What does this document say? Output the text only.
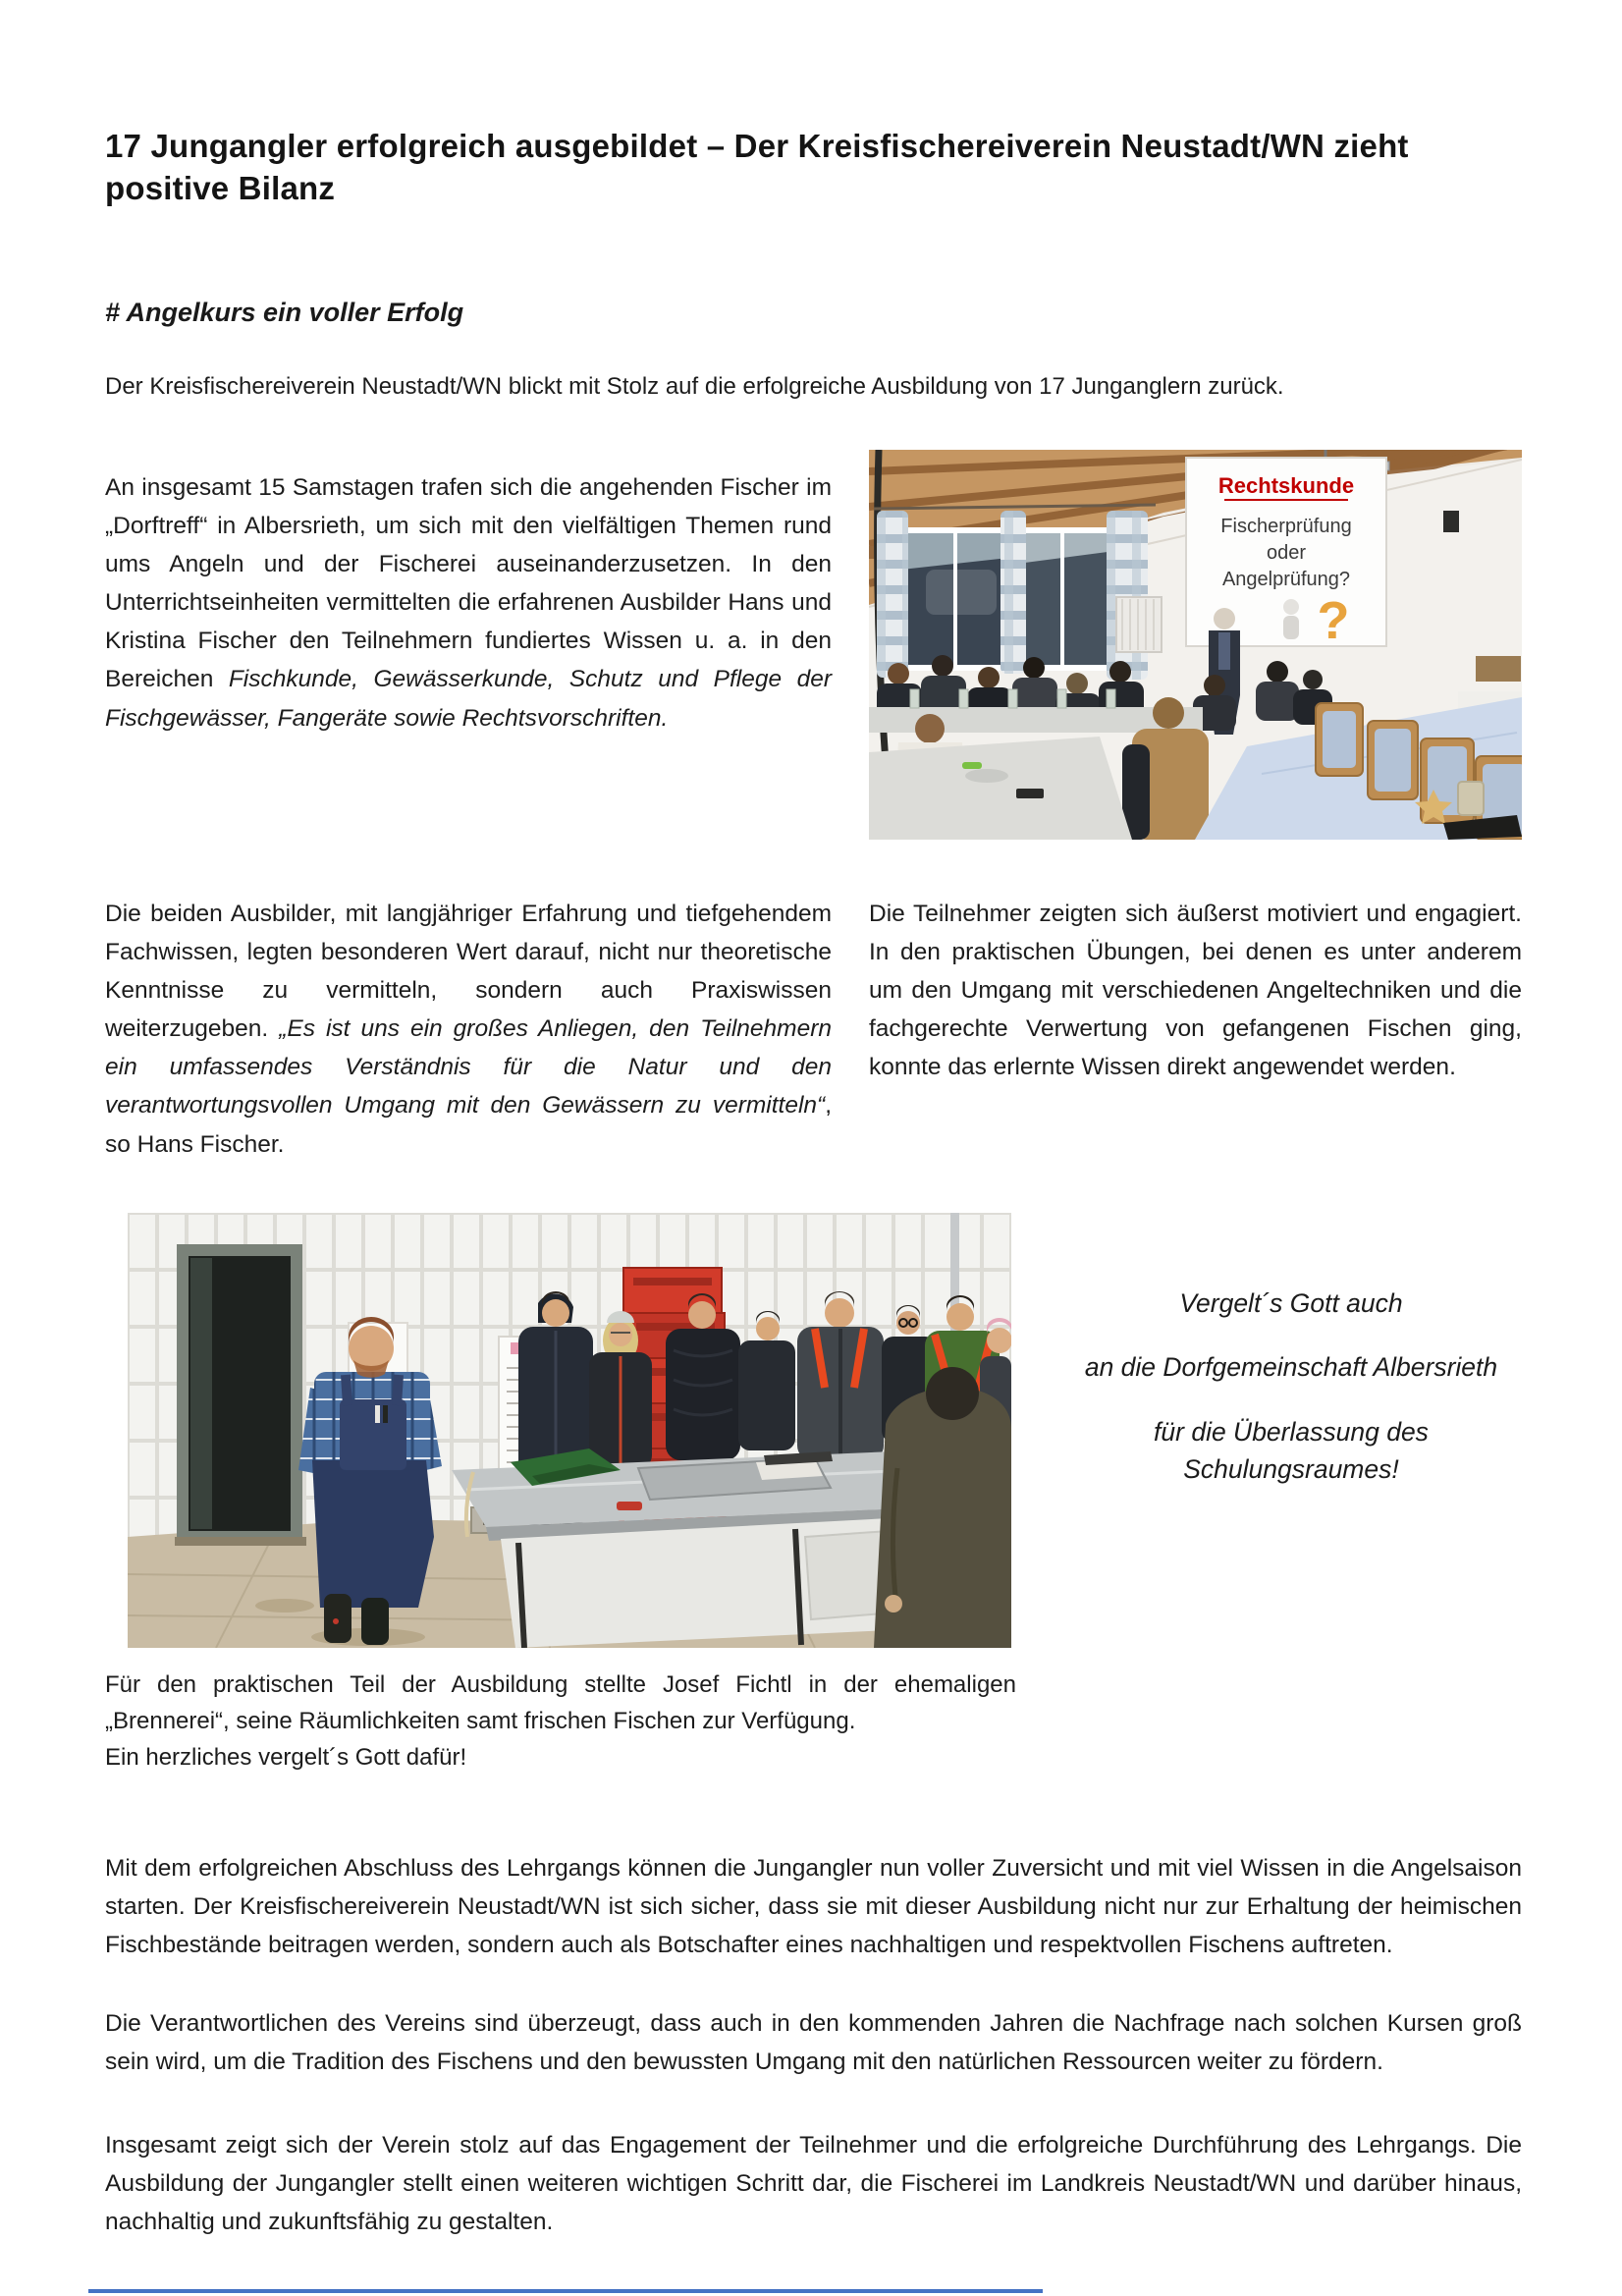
17 Jungangler erfolgreich ausgebildet – Der Kreisfischereiverein Neustadt/WN zieht positive Bilanz
# Angelkurs ein voller Erfolg

Der Kreisfischereiverein Neustadt/WN blickt mit Stolz auf die erfolgreiche Ausbildung von 17 Junganglern zurück.

An insgesamt 15 Samstagen trafen sich die angehenden Fischer im „Dorftreff“ in Albersrieth, um sich mit den vielfältigen Themen rund ums Angeln und der Fischerei auseinanderzusetzen. In den Unterrichtseinheiten vermittelten die erfahrenen Ausbilder Hans und Kristina Fischer den Teilnehmern fundiertes Wissen u. a. in den Bereichen Fischkunde, Gewässerkunde, Schutz und Pflege der Fischgewässer, Fangeräte sowie Rechtsvorschriften.

Rechtskunde
Fischerprüfung
oder
Angelprüfung?
?

Die beiden Ausbilder, mit langjähriger Erfahrung und tiefgehendem Fachwissen, legten besonderen Wert darauf, nicht nur theoretische Kenntnisse zu vermitteln, sondern auch Praxiswissen weiterzugeben. „Es ist uns ein großes Anliegen, den Teilnehmern ein umfassendes Verständnis für die Natur und den verantwortungsvollen Umgang mit den Gewässern zu vermitteln“, so Hans Fischer.

Die Teilnehmer zeigten sich äußerst motiviert und engagiert. In den praktischen Übungen, bei denen es unter anderem um den Umgang mit verschiedenen Angeltechniken und die fachgerechte Verwertung von gefangenen Fischen ging, konnte das erlernte Wissen direkt angewendet werden.

Vergelt´s Gott auch
an die Dorfgemeinschaft Albersrieth
für die Überlassung des Schulungsraumes!
Für den praktischen Teil der Ausbildung stellte Josef Fichtl in der ehemaligen „Brennerei“, seine Räumlichkeiten samt frischen Fischen zur Verfügung.
Ein herzliches vergelt´s Gott dafür!

Mit dem erfolgreichen Abschluss des Lehrgangs können die Jungangler nun voller Zuversicht und mit viel Wissen in die Angelsaison starten. Der Kreisfischereiverein Neustadt/WN ist sich sicher, dass sie mit dieser Ausbildung nicht nur zur Erhaltung der heimischen Fischbestände beitragen werden, sondern auch als Botschafter eines nachhaltigen und respektvollen Fischens auftreten.

Die Verantwortlichen des Vereins sind überzeugt, dass auch in den kommenden Jahren die Nachfrage nach solchen Kursen groß sein wird, um die Tradition des Fischens und den bewussten Umgang mit den natürlichen Ressourcen weiter zu fördern.

Insgesamt zeigt sich der Verein stolz auf das Engagement der Teilnehmer und die erfolgreiche Durchführung des Lehrgangs. Die Ausbildung der Jungangler stellt einen weiteren wichtigen Schritt dar, die Fischerei im Landkreis Neustadt/WN und darüber hinaus, nachhaltig und zukunftsfähig zu gestalten.
